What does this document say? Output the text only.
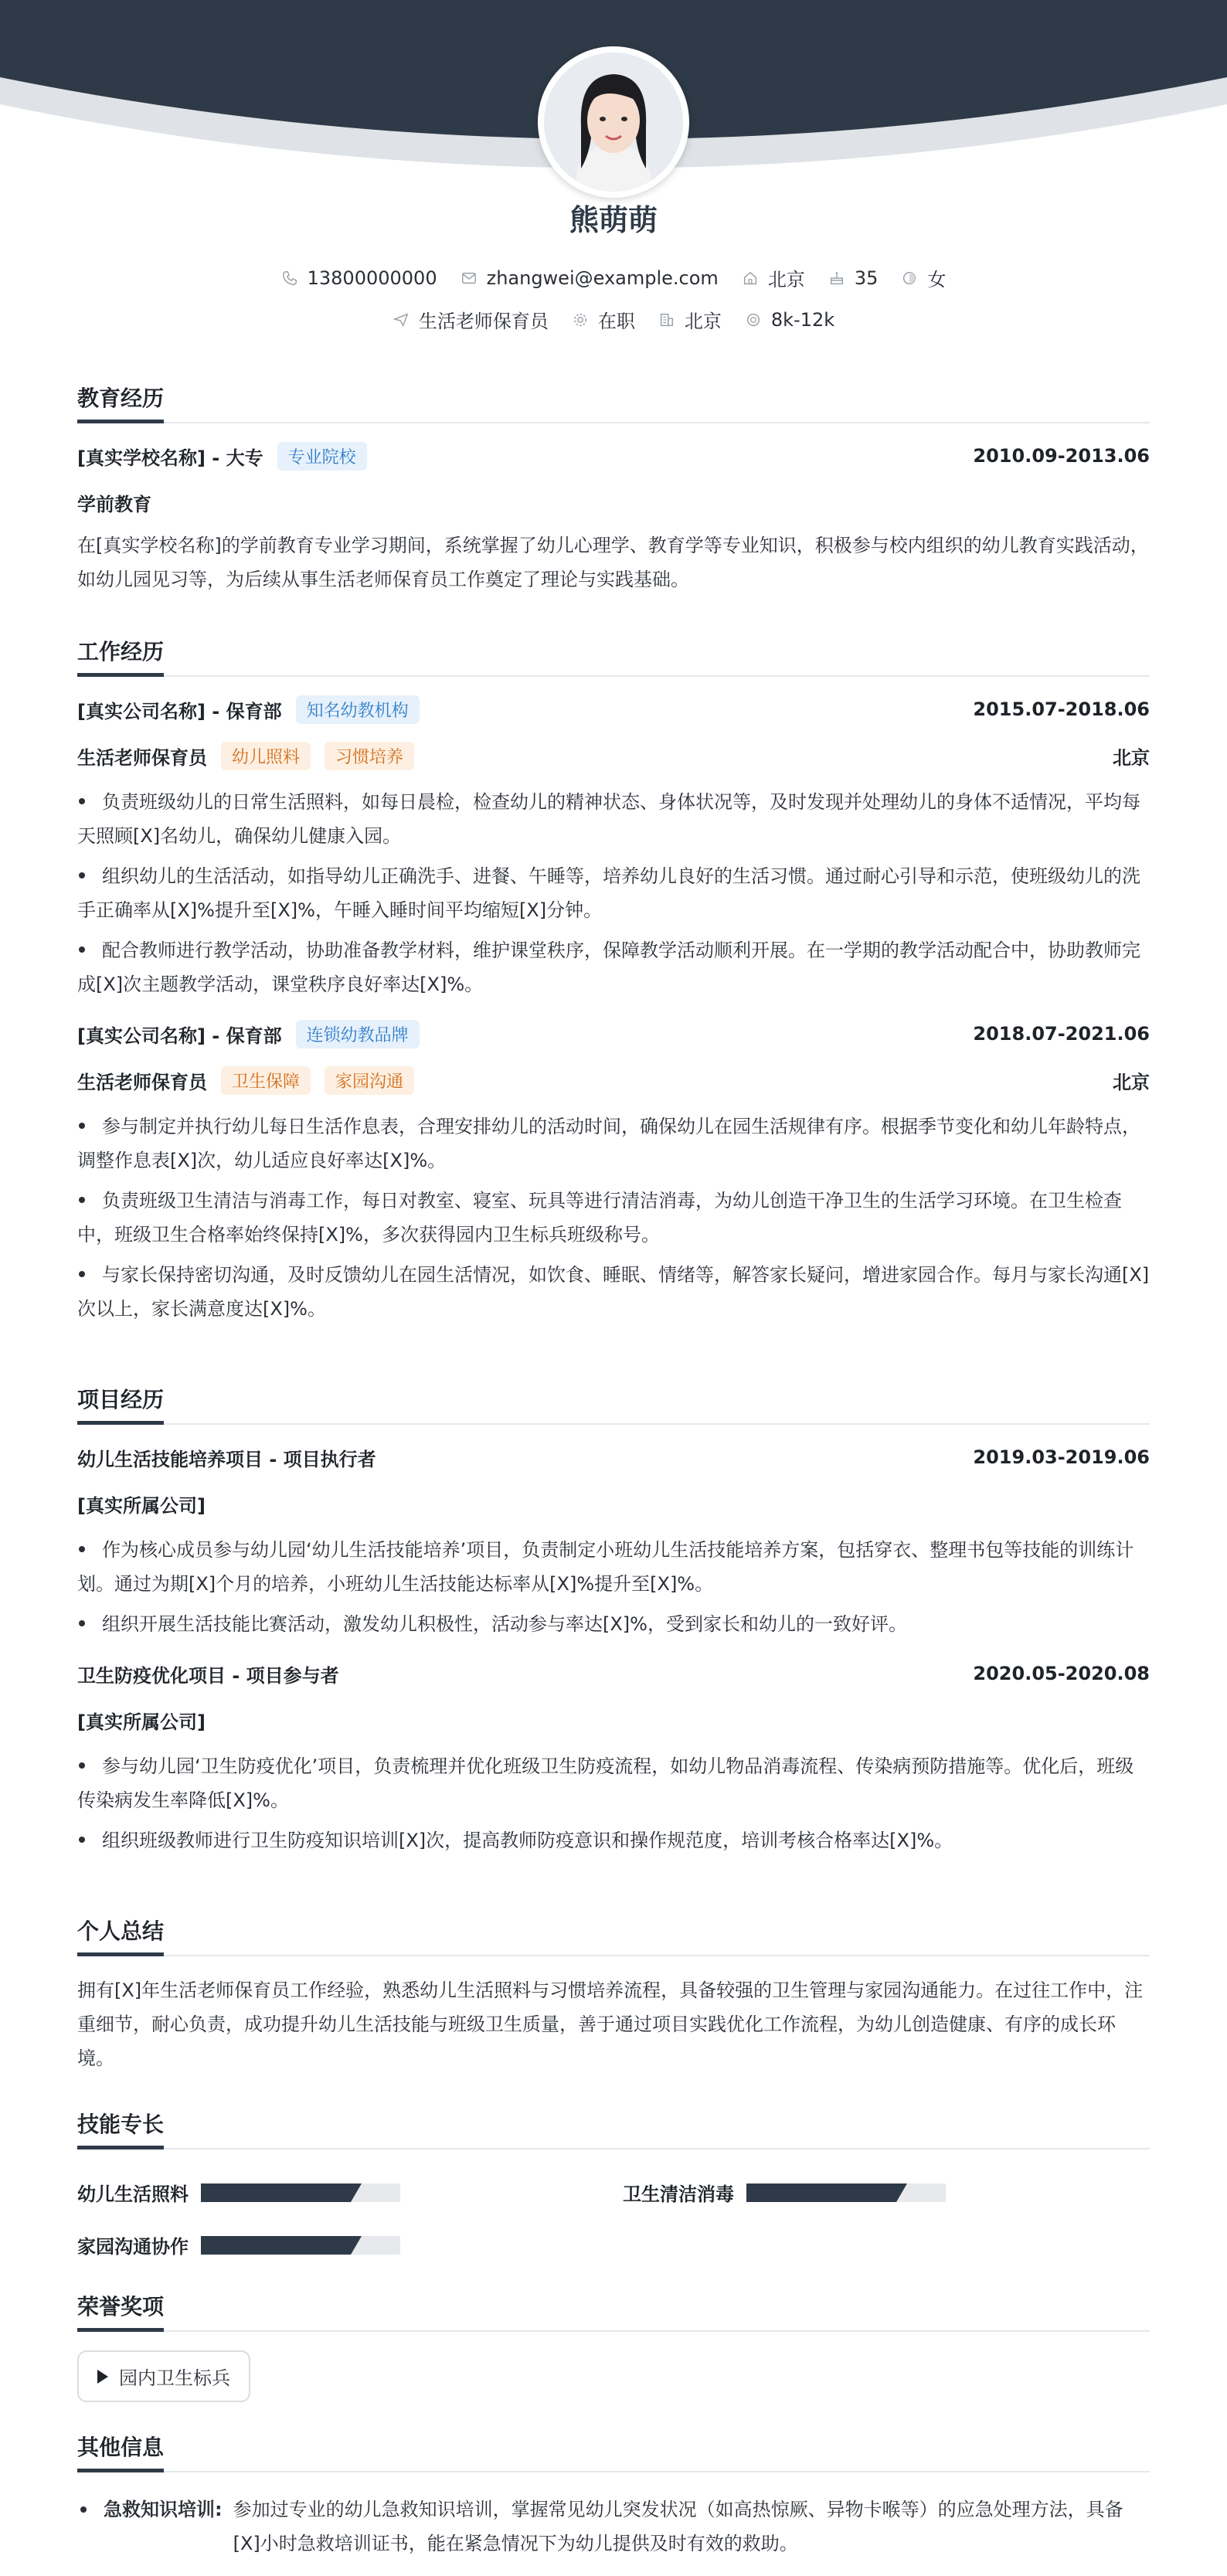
熊萌萌
13800000000	zhangwei@example.com	北京	35	女
生活老师保育员	在职	北京	8k-12k
教育经历
[真实学校名称] - 大专	专业院校	2010.09-2013.06
学前教育
在[真实学校名称]的学前教育专业学习期间，系统掌握了幼儿心理学、教育学等专业知识，积极参与校内组织的幼儿教育实践活动，如幼儿园见习等，为后续从事生活老师保育员工作奠定了理论与实践基础。
工作经历
[真实公司名称] - 保育部	知名幼教机构	2015.07-2018.06
生活老师保育员	幼儿照料	习惯培养	北京
负责班级幼儿的日常生活照料，如每日晨检，检查幼儿的精神状态、身体状况等，及时发现并处理幼儿的身体不适情况，平均每天照顾[X]名幼儿，确保幼儿健康入园。
组织幼儿的生活活动，如指导幼儿正确洗手、进餐、午睡等，培养幼儿良好的生活习惯。通过耐心引导和示范，使班级幼儿的洗手正确率从[X]%提升至[X]%，午睡入睡时间平均缩短[X]分钟。
配合教师进行教学活动，协助准备教学材料，维护课堂秩序，保障教学活动顺利开展。在一学期的教学活动配合中，协助教师完成[X]次主题教学活动，课堂秩序良好率达[X]%。
[真实公司名称] - 保育部	连锁幼教品牌	2018.07-2021.06
生活老师保育员	卫生保障	家园沟通	北京
参与制定并执行幼儿每日生活作息表，合理安排幼儿的活动时间，确保幼儿在园生活规律有序。根据季节变化和幼儿年龄特点，调整作息表[X]次，幼儿适应良好率达[X]%。
负责班级卫生清洁与消毒工作，每日对教室、寝室、玩具等进行清洁消毒，为幼儿创造干净卫生的生活学习环境。在卫生检查中，班级卫生合格率始终保持[X]%，多次获得园内卫生标兵班级称号。
与家长保持密切沟通，及时反馈幼儿在园生活情况，如饮食、睡眠、情绪等，解答家长疑问，增进家园合作。每月与家长沟通[X]次以上，家长满意度达[X]%。
项目经历
幼儿生活技能培养项目 - 项目执行者	2019.03-2019.06
[真实所属公司]
作为核心成员参与幼儿园‘幼儿生活技能培养’项目，负责制定小班幼儿生活技能培养方案，包括穿衣、整理书包等技能的训练计划。通过为期[X]个月的培养，小班幼儿生活技能达标率从[X]%提升至[X]%。
组织开展生活技能比赛活动，激发幼儿积极性，活动参与率达[X]%，受到家长和幼儿的一致好评。
卫生防疫优化项目 - 项目参与者	2020.05-2020.08
[真实所属公司]
参与幼儿园‘卫生防疫优化’项目，负责梳理并优化班级卫生防疫流程，如幼儿物品消毒流程、传染病预防措施等。优化后，班级传染病发生率降低[X]%。
组织班级教师进行卫生防疫知识培训[X]次，提高教师防疫意识和操作规范度，培训考核合格率达[X]%。
个人总结
拥有[X]年生活老师保育员工作经验，熟悉幼儿生活照料与习惯培养流程，具备较强的卫生管理与家园沟通能力。在过往工作中，注重细节，耐心负责，成功提升幼儿生活技能与班级卫生质量，善于通过项目实践优化工作流程，为幼儿创造健康、有序的成长环境。
技能专长
幼儿生活照料	卫生清洁消毒
家园沟通协作
荣誉奖项
园内卫生标兵
其他信息
急救知识培训: 参加过专业的幼儿急救知识培训，掌握常见幼儿突发状况（如高热惊厥、异物卡喉等）的应急处理方法，具备[X]小时急救培训证书，能在紧急情况下为幼儿提供及时有效的救助。
